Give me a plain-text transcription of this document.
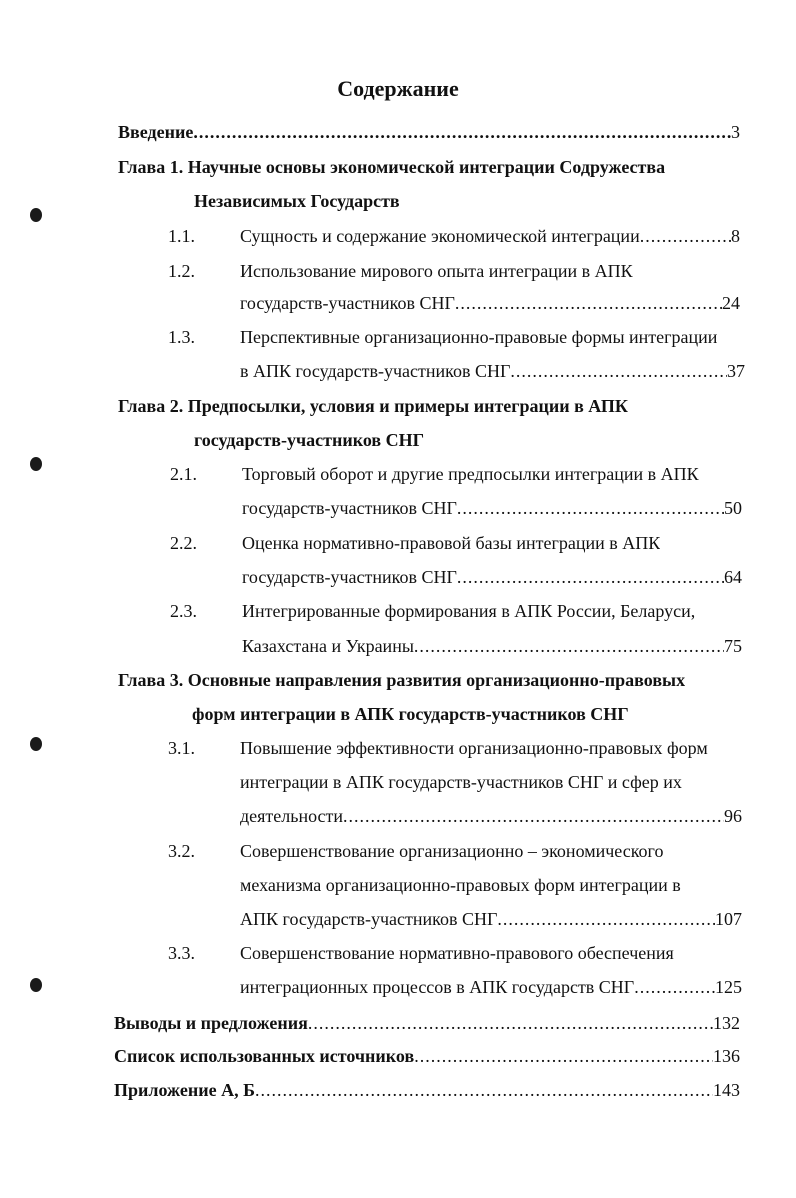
Содержание
Введение .....	3
Глава 1. Научные основы экономической интеграции Содружества
Независимых Государств
1.1.	Сущность и содержание экономической интеграции .....	8
1.2.	Использование мирового опыта интеграции в АПК
государств-участников СНГ .....	24
1.3.	Перспективные организационно-правовые формы интеграции
в АПК государств-участников СНГ .....	37
Глава 2. Предпосылки, условия и примеры интеграции в АПК
государств-участников СНГ
2.1.	Торговый оборот и другие предпосылки интеграции в АПК
государств-участников СНГ .....	50
2.2.	Оценка нормативно-правовой базы интеграции в АПК
государств-участников СНГ .....	64
2.3.	Интегрированные формирования в АПК России, Беларуси,
Казахстана и Украины .....	75
Глава 3. Основные направления развития организационно-правовых
форм интеграции в АПК государств-участников СНГ
3.1.	Повышение эффективности организационно-правовых форм
интеграции в АПК государств-участников СНГ и сфер их
деятельности .....	96
3.2.	Совершенствование организационно – экономического
механизма организационно-правовых форм интеграции в
АПК государств-участников СНГ .....	107
3.3.	Совершенствование нормативно-правового обеспечения
интеграционных процессов в АПК государств СНГ .....	125
Выводы и предложения .....	132
Список использованных источников .....	136
Приложение А, Б .....	143
